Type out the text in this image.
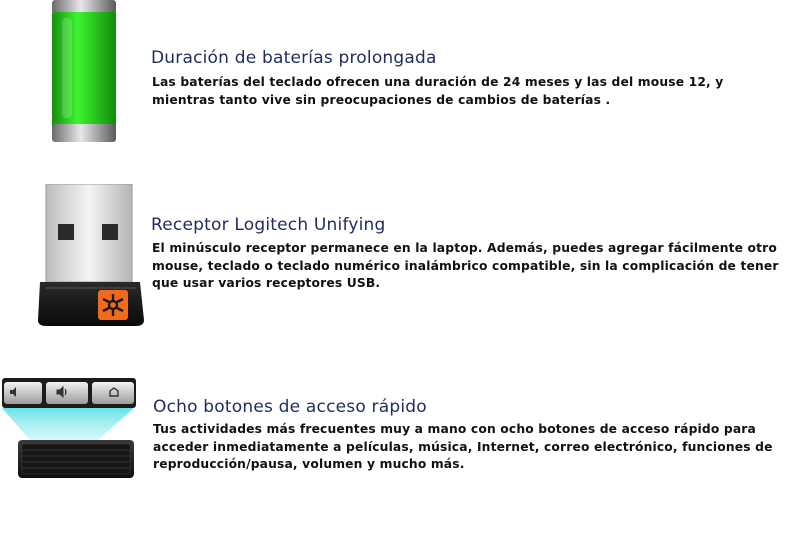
Duración de baterías prolongada

Las baterías del teclado ofrecen una duración de 24 meses y las del mouse 12, y mientras tanto vive sin preocupaciones de cambios de baterías .

Receptor Logitech Unifying

El minúsculo receptor permanece en la laptop. Además, puedes agregar fácilmente otro mouse, teclado o teclado numérico inalámbrico compatible, sin la complicación de tener que usar varios receptores USB.

Ocho botones de acceso rápido

Tus actividades más frecuentes muy a mano con ocho botones de acceso rápido para acceder inmediatamente a películas, música, Internet, correo electrónico, funciones de reproducción/pausa, volumen y mucho más.
